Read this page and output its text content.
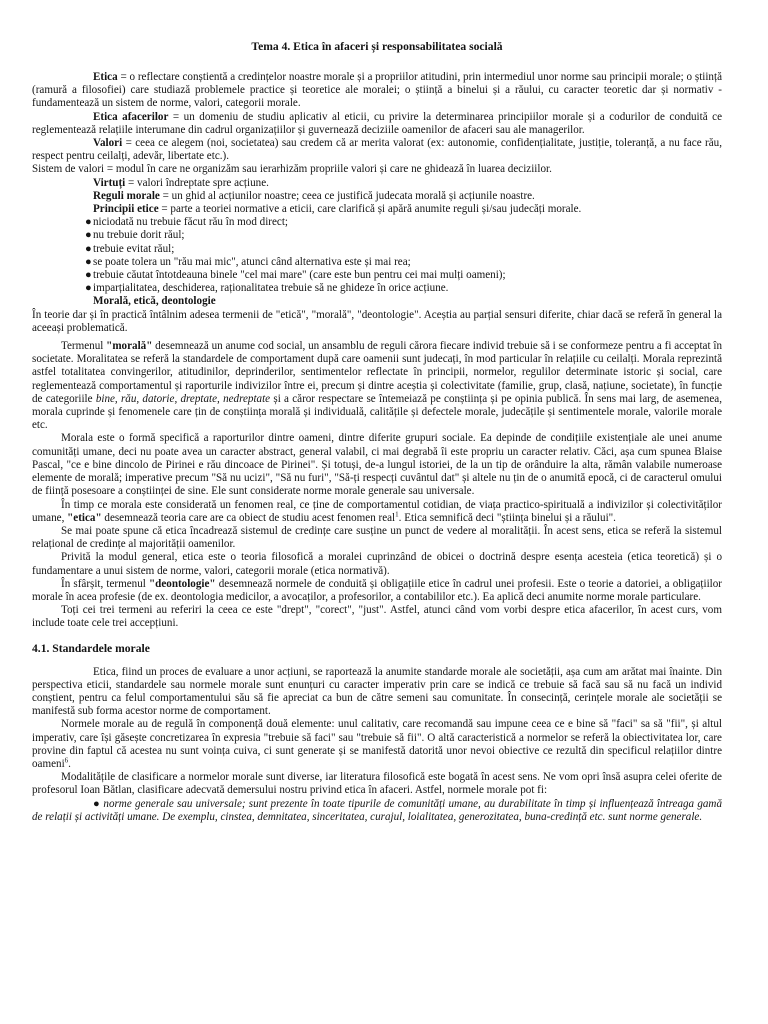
Tema 4. Etica în afaceri și responsabilitatea socială

Etica = o reflectare conștientă a credințelor noastre morale și a propriilor atitudini, prin intermediul unor norme sau principii morale; o știință (ramură a filosofiei) care studiază problemele practice și teoretice ale moralei; o știință a binelui și a răului, cu caracter teoretic dar și normativ - fundamentează un sistem de norme, valori, categorii morale.

Etica afacerilor = un domeniu de studiu aplicativ al eticii, cu privire la determinarea principiilor morale și a codurilor de conduită ce reglementează relațiile interumane din cadrul organizațiilor și guvernează deciziile oamenilor de afaceri sau ale managerilor.

Valori = ceea ce alegem (noi, societatea) sau credem că ar merita valorat (ex: autonomie, confidențialitate, justiție, toleranță, a nu face rău, respect pentru ceilalți, adevăr, libertate etc.).

Sistem de valori = modul în care ne organizăm sau ierarhizăm propriile valori și care ne ghidează în luarea deciziilor.

Virtuți = valori îndreptate spre acțiune.

Reguli morale = un ghid al acțiunilor noastre; ceea ce justifică judecata morală și acțiunile noastre.

Principii etice = parte a teoriei normative a eticii, care clarifică și apără anumite reguli și/sau judecăți morale.

●niciodată nu trebuie făcut rău în mod direct;

●nu trebuie dorit răul;

●trebuie evitat răul;

●se poate tolera un "rău mai mic", atunci când alternativa este și mai rea;

●trebuie căutat întotdeauna binele "cel mai mare" (care este bun pentru cei mai mulți oameni);

●imparțialitatea, deschiderea, raționalitatea trebuie să ne ghideze în orice acțiune.

Morală, etică, deontologie

În teorie dar și în practică întâlnim adesea termenii de "etică", "morală", "deontologie". Aceștia au parțial sensuri diferite, chiar dacă se referă în general la aceeași problematică.

Termenul "morală" desemnează un anume cod social, un ansamblu de reguli cărora fiecare individ trebuie să i se conformeze pentru a fi acceptat în societate. Moralitatea se referă la standardele de comportament după care oamenii sunt judecați, în mod particular în relațiile cu ceilalți. Morala reprezintă astfel totalitatea convingerilor, atitudinilor, deprinderilor, sentimentelor reflectate în principii, normelor, regulilor determinate istoric și social, care reglementează comportamentul și raporturile indivizilor între ei, precum și dintre aceștia și colectivitate (familie, grup, clasă, națiune, societate), în funcție de categoriile bine, rău, datorie, dreptate, nedreptate și a căror respectare se întemeiază pe conștiința și pe opinia publică. În sens mai larg, de asemenea, morala cuprinde și fenomenele care țin de conștiința morală și individuală, calitățile și defectele morale, judecățile și sentimentele morale, valorile morale etc.

Morala este o formă specifică a raporturilor dintre oameni, dintre diferite grupuri sociale. Ea depinde de condițiile existențiale ale unei anume comunități umane, deci nu poate avea un caracter abstract, general valabil, ci mai degrabă îi este propriu un caracter relativ. Căci, așa cum spunea Blaise Pascal, "ce e bine dincolo de Pirinei e rău dincoace de Pirinei". Și totuși, de-a lungul istoriei, de la un tip de orânduire la alta, rămân valabile numeroase elemente de morală; imperative precum "Să nu ucizi", "Să nu furi", "Să-ți respecți cuvântul dat" și altele nu țin de o anumită epocă, ci de caracterul omului de ființă posesoare a conștiinței de sine. Ele sunt considerate norme morale generale sau universale.

În timp ce morala este considerată un fenomen real, ce ține de comportamentul cotidian, de viața practico-spirituală a indivizilor și colectivităților umane, "etica" desemnează teoria care are ca obiect de studiu acest fenomen real$^1$. Etica semnifică deci "știința binelui și a răului".

Se mai poate spune că etica încadrează sistemul de credințe care susține un punct de vedere al moralității. În acest sens, etica se referă la sistemul relațional de credințe al majorității oamenilor.

Privită la modul general, etica este o teoria filosofică a moralei cuprinzând de obicei o doctrină despre esența acesteia (etica teoretică) și o fundamentare a unui sistem de norme, valori, categorii morale (etica normativă).

În sfârșit, termenul "deontologie" desemnează normele de conduită și obligațiile etice în cadrul unei profesii. Este o teorie a datoriei, a obligațiilor morale în acea profesie (de ex. deontologia medicilor, a avocaților, a profesorilor, a contabililor etc.). Ea aplică deci anumite norme morale particulare.

Toți cei trei termeni au referiri la ceea ce este "drept", "corect", "just". Astfel, atunci când vom vorbi despre etica afacerilor, în acest curs, vom include toate cele trei accepțiuni.

4.1. Standardele morale

Etica, fiind un proces de evaluare a unor acțiuni, se raportează la anumite standarde morale ale societății, așa cum am arătat mai înainte. Din perspectiva eticii, standardele sau normele morale sunt enunțuri cu caracter imperativ prin care se indică ce trebuie să facă sau să nu facă un individ conștient, pentru ca felul comportamentului său să fie apreciat ca bun de către semeni sau comunitate. În consecință, cerințele morale ale societății se manifestă sub forma acestor norme de comportament.

Normele morale au de regulă în componență două elemente: unul calitativ, care recomandă sau impune ceea ce e bine să "faci" sa să "fii", și altul imperativ, care își găsește concretizarea în expresia "trebuie să faci" sau "trebuie să fii". O altă caracteristică a normelor se referă la obiectivitatea lor, care provine din faptul că acestea nu sunt voința cuiva, ci sunt generate și se manifestă datorită unor nevoi obiective ce rezultă din specificul relațiilor dintre oameni$^6$.

Modalitățile de clasificare a normelor morale sunt diverse, iar literatura filosofică este bogată în acest sens. Ne vom opri însă asupra celei oferite de profesorul Ioan Bătlan, clasificare adecvată demersului nostru privind etica în afaceri. Astfel, normele morale pot fi:

● norme generale sau universale; sunt prezente în toate tipurile de comunități umane, au durabilitate în timp și influențează întreaga gamă de relații și activități umane. De exemplu, cinstea, demnitatea, sinceritatea, curajul, loialitatea, generozitatea, buna-credință etc. sunt norme generale.
